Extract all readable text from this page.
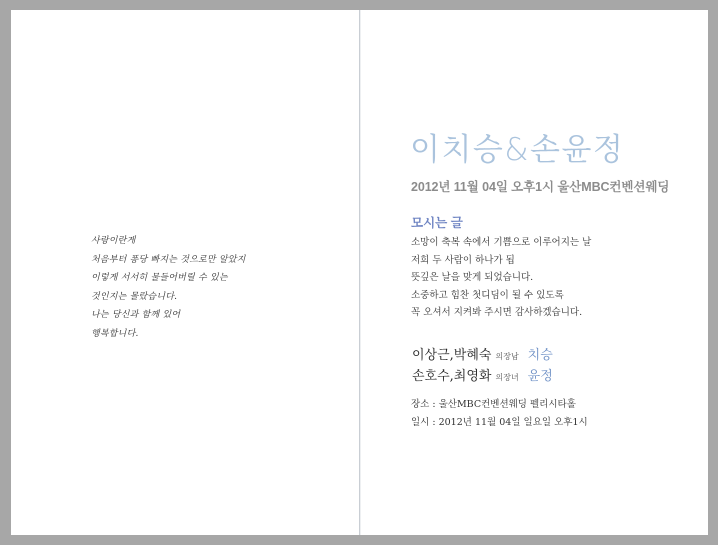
사랑이란게
처음부터 퐁당 빠지는 것으로만 알았지
이렇게 서서히 물들어버릴 수 있는
것인지는 몰랐습니다.
나는 당신과 함께 있어
행복합니다.
이치승&손윤정
2012년 11월 04일 오후1시 울산MBC컨벤션웨딩
모시는 글
소망이 축복 속에서 기쁨으로 이루어지는 날
저희 두 사람이 하나가 됩
뜻깊은 날을 맞게 되었습니다.
소중하고 힘찬 첫디딤이 될 수 있도록
꼭 오셔서 지켜봐 주시면 감사하겠습니다.
이상근,박혜숙 의장남 치승
손호수,최영화 의장녀 윤정
장소 : 울산MBC컨벤션웨딩 펠리시타홀
일시 : 2012년 11월 04일 일요일 오후1시
